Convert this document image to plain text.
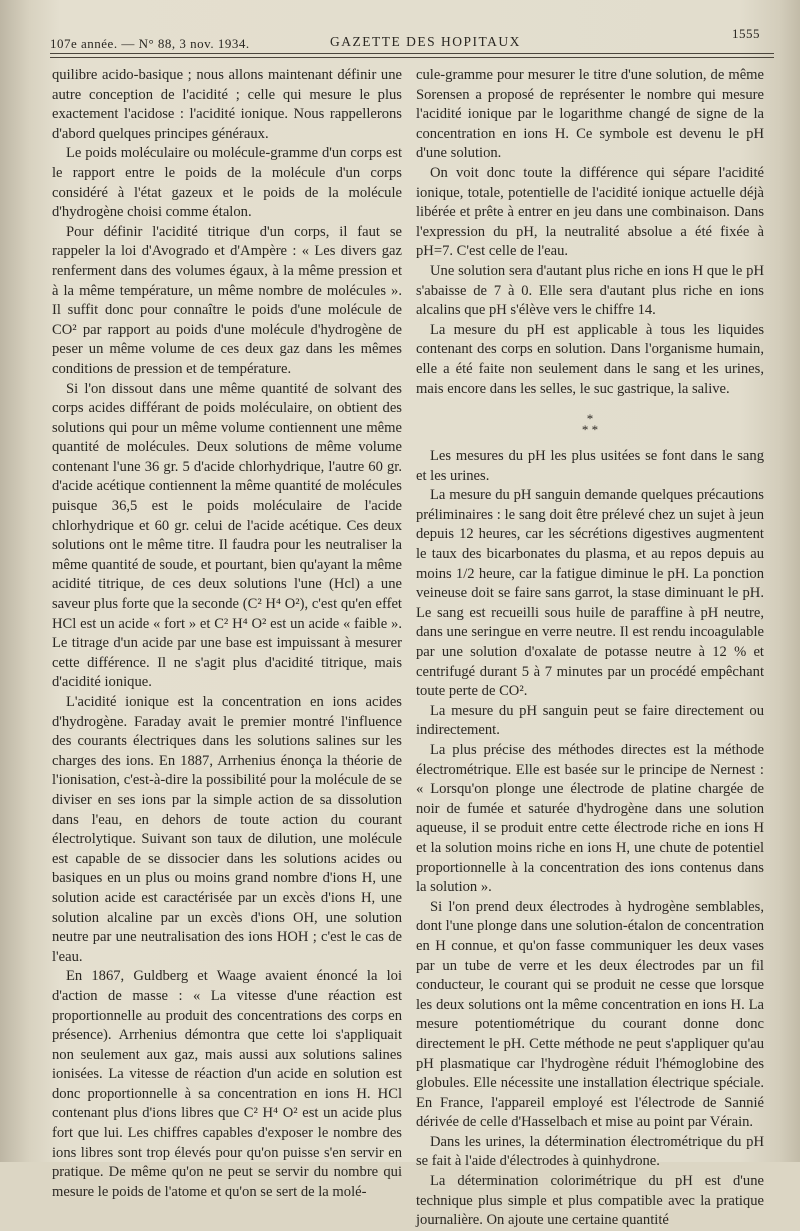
107e année. — N° 88, 3 nov. 1934.	GAZETTE DES HOPITAUX
1555

quilibre acido-basique ; nous allons maintenant définir une autre conception de l'acidité ; celle qui mesure le plus exactement l'acidose : l'acidité ionique. Nous rappellerons d'abord quelques principes généraux.

Le poids moléculaire ou molécule-gramme d'un corps est le rapport entre le poids de la molécule d'un corps considéré à l'état gazeux et le poids de la molécule d'hydrogène choisi comme étalon.

Pour définir l'acidité titrique d'un corps, il faut se rappeler la loi d'Avogrado et d'Ampère : « Les divers gaz renferment dans des volumes égaux, à la même pression et à la même température, un même nombre de molécules ». Il suffit donc pour connaître le poids d'une molécule de CO² par rapport au poids d'une molécule d'hydrogène de peser un même volume de ces deux gaz dans les mêmes conditions de pression et de température.

Si l'on dissout dans une même quantité de solvant des corps acides différant de poids moléculaire, on obtient des solutions qui pour un même volume contiennent une même quantité de molécules. Deux solutions de même volume contenant l'une 36 gr. 5 d'acide chlorhydrique, l'autre 60 gr. d'acide acétique contiennent la même quantité de molécules puisque 36,5 est le poids moléculaire de l'acide chlorhydrique et 60 gr. celui de l'acide acétique. Ces deux solutions ont le même titre. Il faudra pour les neutraliser la même quantité de soude, et pourtant, bien qu'ayant la même acidité titrique, de ces deux solutions l'une (Hcl) a une saveur plus forte que la seconde (C² H⁴ O²), c'est qu'en effet HCl est un acide « fort » et C² H⁴ O² est un acide « faible ». Le titrage d'un acide par une base est impuissant à mesurer cette différence. Il ne s'agit plus d'acidité titrique, mais d'acidité ionique.

L'acidité ionique est la concentration en ions acides d'hydrogène. Faraday avait le premier montré l'influence des courants électriques dans les solutions salines sur les charges des ions. En 1887, Arrhenius énonça la théorie de l'ionisation, c'est-à-dire la possibilité pour la molécule de se diviser en ses ions par la simple action de sa dissolution dans l'eau, en dehors de toute action du courant électrolytique. Suivant son taux de dilution, une molécule est capable de se dissocier dans les solutions acides ou basiques en un plus ou moins grand nombre d'ions H, une solution acide est caractérisée par un excès d'ions H, une solution alcaline par un excès d'ions OH, une solution neutre par une neutralisation des ions HOH ; c'est le cas de l'eau.

En 1867, Guldberg et Waage avaient énoncé la loi d'action de masse : « La vitesse d'une réaction est proportionnelle au produit des concentrations des corps en présence). Arrhenius démontra que cette loi s'appliquait non seulement aux gaz, mais aussi aux solutions salines ionisées. La vitesse de réaction d'un acide en solution est donc proportionnelle à sa concentration en ions H. HCl contenant plus d'ions libres que C² H⁴ O² est un acide plus fort que lui. Les chiffres capables d'exposer le nombre des ions libres sont trop élevés pour qu'on puisse s'en servir en pratique. De même qu'on ne peut se servir du nombre qui mesure le poids de l'atome et qu'on se sert de la molé-

cule-gramme pour mesurer le titre d'une solution, de même Sorensen a proposé de représenter le nombre qui mesure l'acidité ionique par le logarithme changé de signe de la concentration en ions H. Ce symbole est devenu le pH d'une solution.

On voit donc toute la différence qui sépare l'acidité ionique, totale, potentielle de l'acidité ionique actuelle déjà libérée et prête à entrer en jeu dans une combinaison. Dans l'expression du pH, la neutralité absolue a été fixée à pH=7. C'est celle de l'eau.

Une solution sera d'autant plus riche en ions H que le pH s'abaisse de 7 à 0. Elle sera d'autant plus riche en ions alcalins que pH s'élève vers le chiffre 14.

La mesure du pH est applicable à tous les liquides contenant des corps en solution. Dans l'organisme humain, elle a été faite non seulement dans le sang et les urines, mais encore dans les selles, le suc gastrique, la salive.

*
* *

Les mesures du pH les plus usitées se font dans le sang et les urines.

La mesure du pH sanguin demande quelques précautions préliminaires : le sang doit être prélevé chez un sujet à jeun depuis 12 heures, car les sécrétions digestives augmentent le taux des bicarbonates du plasma, et au repos depuis au moins 1/2 heure, car la fatigue diminue le pH. La ponction veineuse doit se faire sans garrot, la stase diminuant le pH. Le sang est recueilli sous huile de paraffine à pH neutre, dans une seringue en verre neutre. Il est rendu incoagulable par une solution d'oxalate de potasse neutre à 12 % et centrifugé durant 5 à 7 minutes par un procédé empêchant toute perte de CO².

La mesure du pH sanguin peut se faire directement ou indirectement.

La plus précise des méthodes directes est la méthode électrométrique. Elle est basée sur le principe de Nernest : « Lorsqu'on plonge une électrode de platine chargée de noir de fumée et saturée d'hydrogène dans une solution aqueuse, il se produit entre cette électrode riche en ions H et la solution moins riche en ions H, une chute de potentiel proportionnelle à la concentration des ions contenus dans la solution ».

Si l'on prend deux électrodes à hydrogène semblables, dont l'une plonge dans une solution-étalon de concentration en H connue, et qu'on fasse communiquer les deux vases par un tube de verre et les deux électrodes par un fil conducteur, le courant qui se produit ne cesse que lorsque les deux solutions ont la même concentration en ions H. La mesure potentiométrique du courant donne donc directement le pH. Cette méthode ne peut s'appliquer qu'au pH plasmatique car l'hydrogène réduit l'hémoglobine des globules. Elle nécessite une installation électrique spéciale. En France, l'appareil employé est l'électrode de Sannié dérivée de celle d'Hasselbach et mise au point par Vérain.

Dans les urines, la détermination électrométrique du pH se fait à l'aide d'électrodes à quinhydrone.

La détermination colorimétrique du pH est d'une technique plus simple et plus compatible avec la pratique journalière. On ajoute une certaine quantité
